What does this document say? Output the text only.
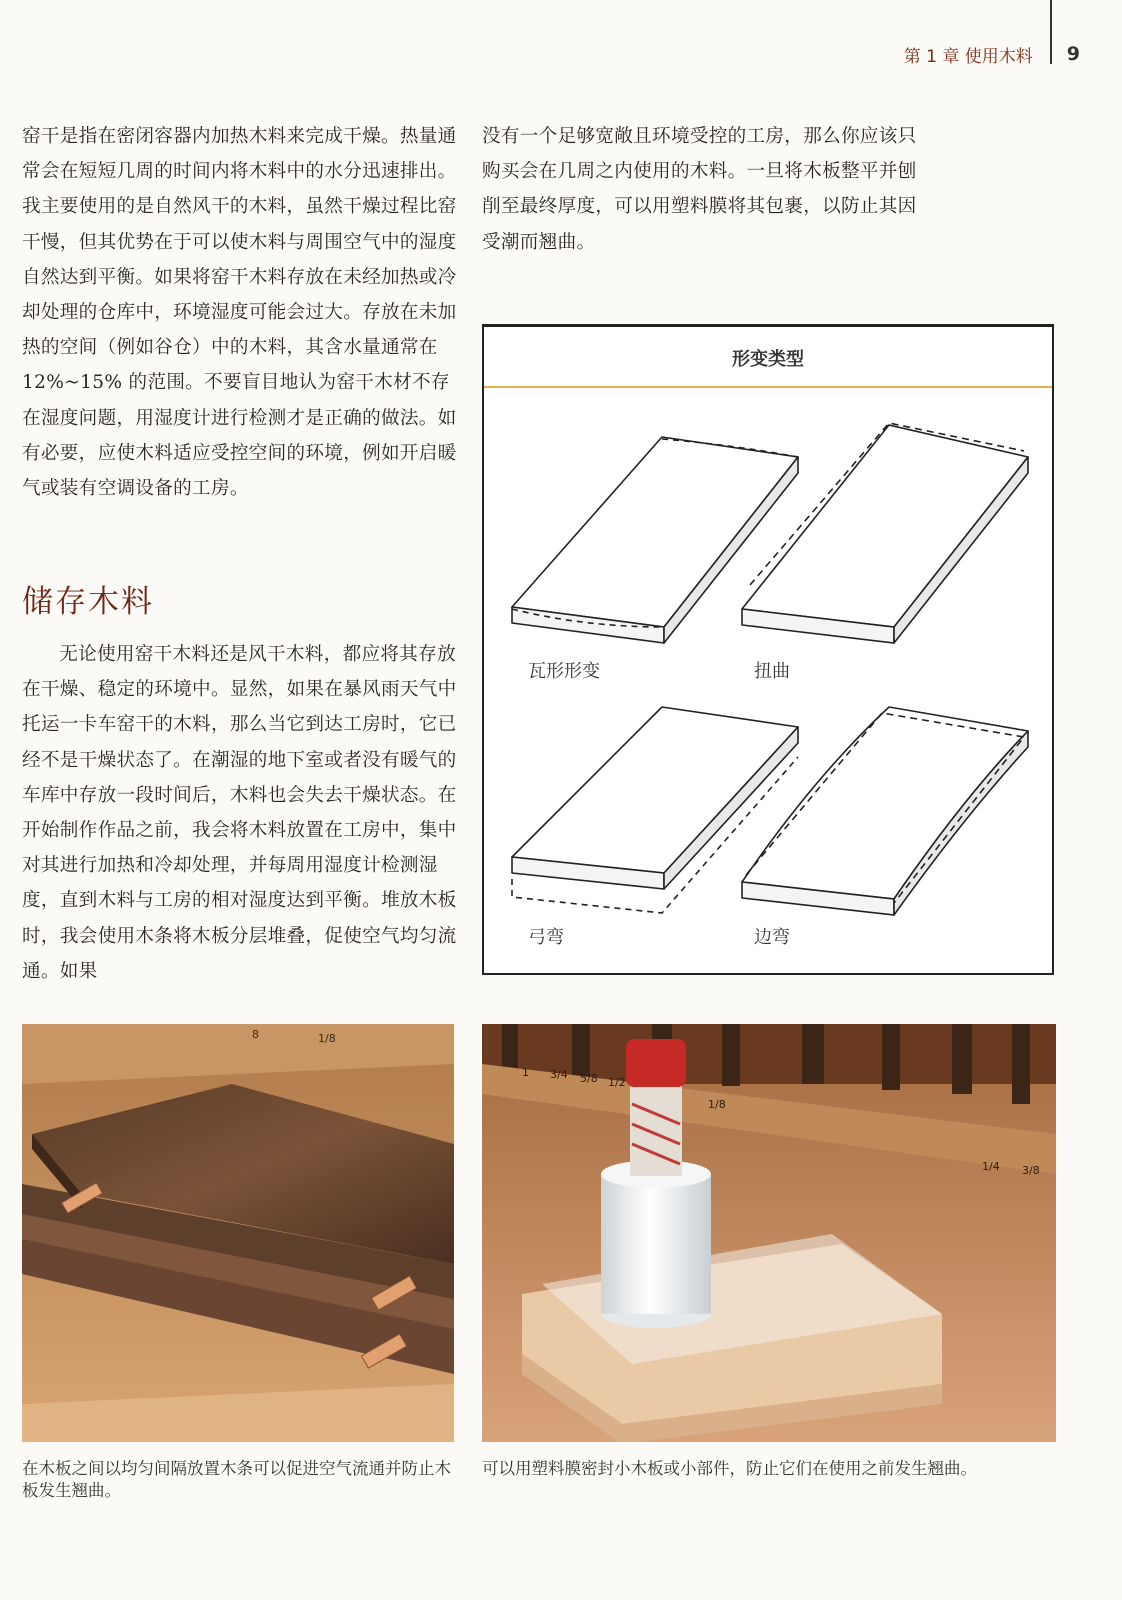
第 1 章 使用木料 9

窑干是指在密闭容器内加热木料来完成干燥。热量通常会在短短几周的时间内将木料中的水分迅速排出。我主要使用的是自然风干的木料，虽然干燥过程比窑干慢，但其优势在于可以使木料与周围空气中的湿度自然达到平衡。如果将窑干木料存放在未经加热或冷却处理的仓库中，环境湿度可能会过大。存放在未加热的空间（例如谷仓）中的木料，其含水量通常在 12%~15% 的范围。不要盲目地认为窑干木材不存在湿度问题，用湿度计进行检测才是正确的做法。如有必要，应使木料适应受控空间的环境，例如开启暖气或装有空调设备的工房。

储存木料

无论使用窑干木料还是风干木料，都应将其存放在干燥、稳定的环境中。显然，如果在暴风雨天气中托运一卡车窑干的木料，那么当它到达工房时，它已经不是干燥状态了。在潮湿的地下室或者没有暖气的车库中存放一段时间后，木料也会失去干燥状态。在开始制作作品之前，我会将木料放置在工房中，集中对其进行加热和冷却处理，并每周用湿度计检测湿度，直到木料与工房的相对湿度达到平衡。堆放木板时，我会使用木条将木板分层堆叠，促使空气均匀流通。如果

没有一个足够宽敞且环境受控的工房，那么你应该只购买会在几周之内使用的木料。一旦将木板整平并刨削至最终厚度，可以用塑料膜将其包裹，以防止其因受潮而翘曲。

形变类型
瓦形形变	扭曲
弓弯	边弯
8	1/8
1 3/4 5/8 1/2
1/8
1/4 3/8
在木板之间以均匀间隔放置木条可以促进空气流通并防止木板发生翘曲。
可以用塑料膜密封小木板或小部件，防止它们在使用之前发生翘曲。
